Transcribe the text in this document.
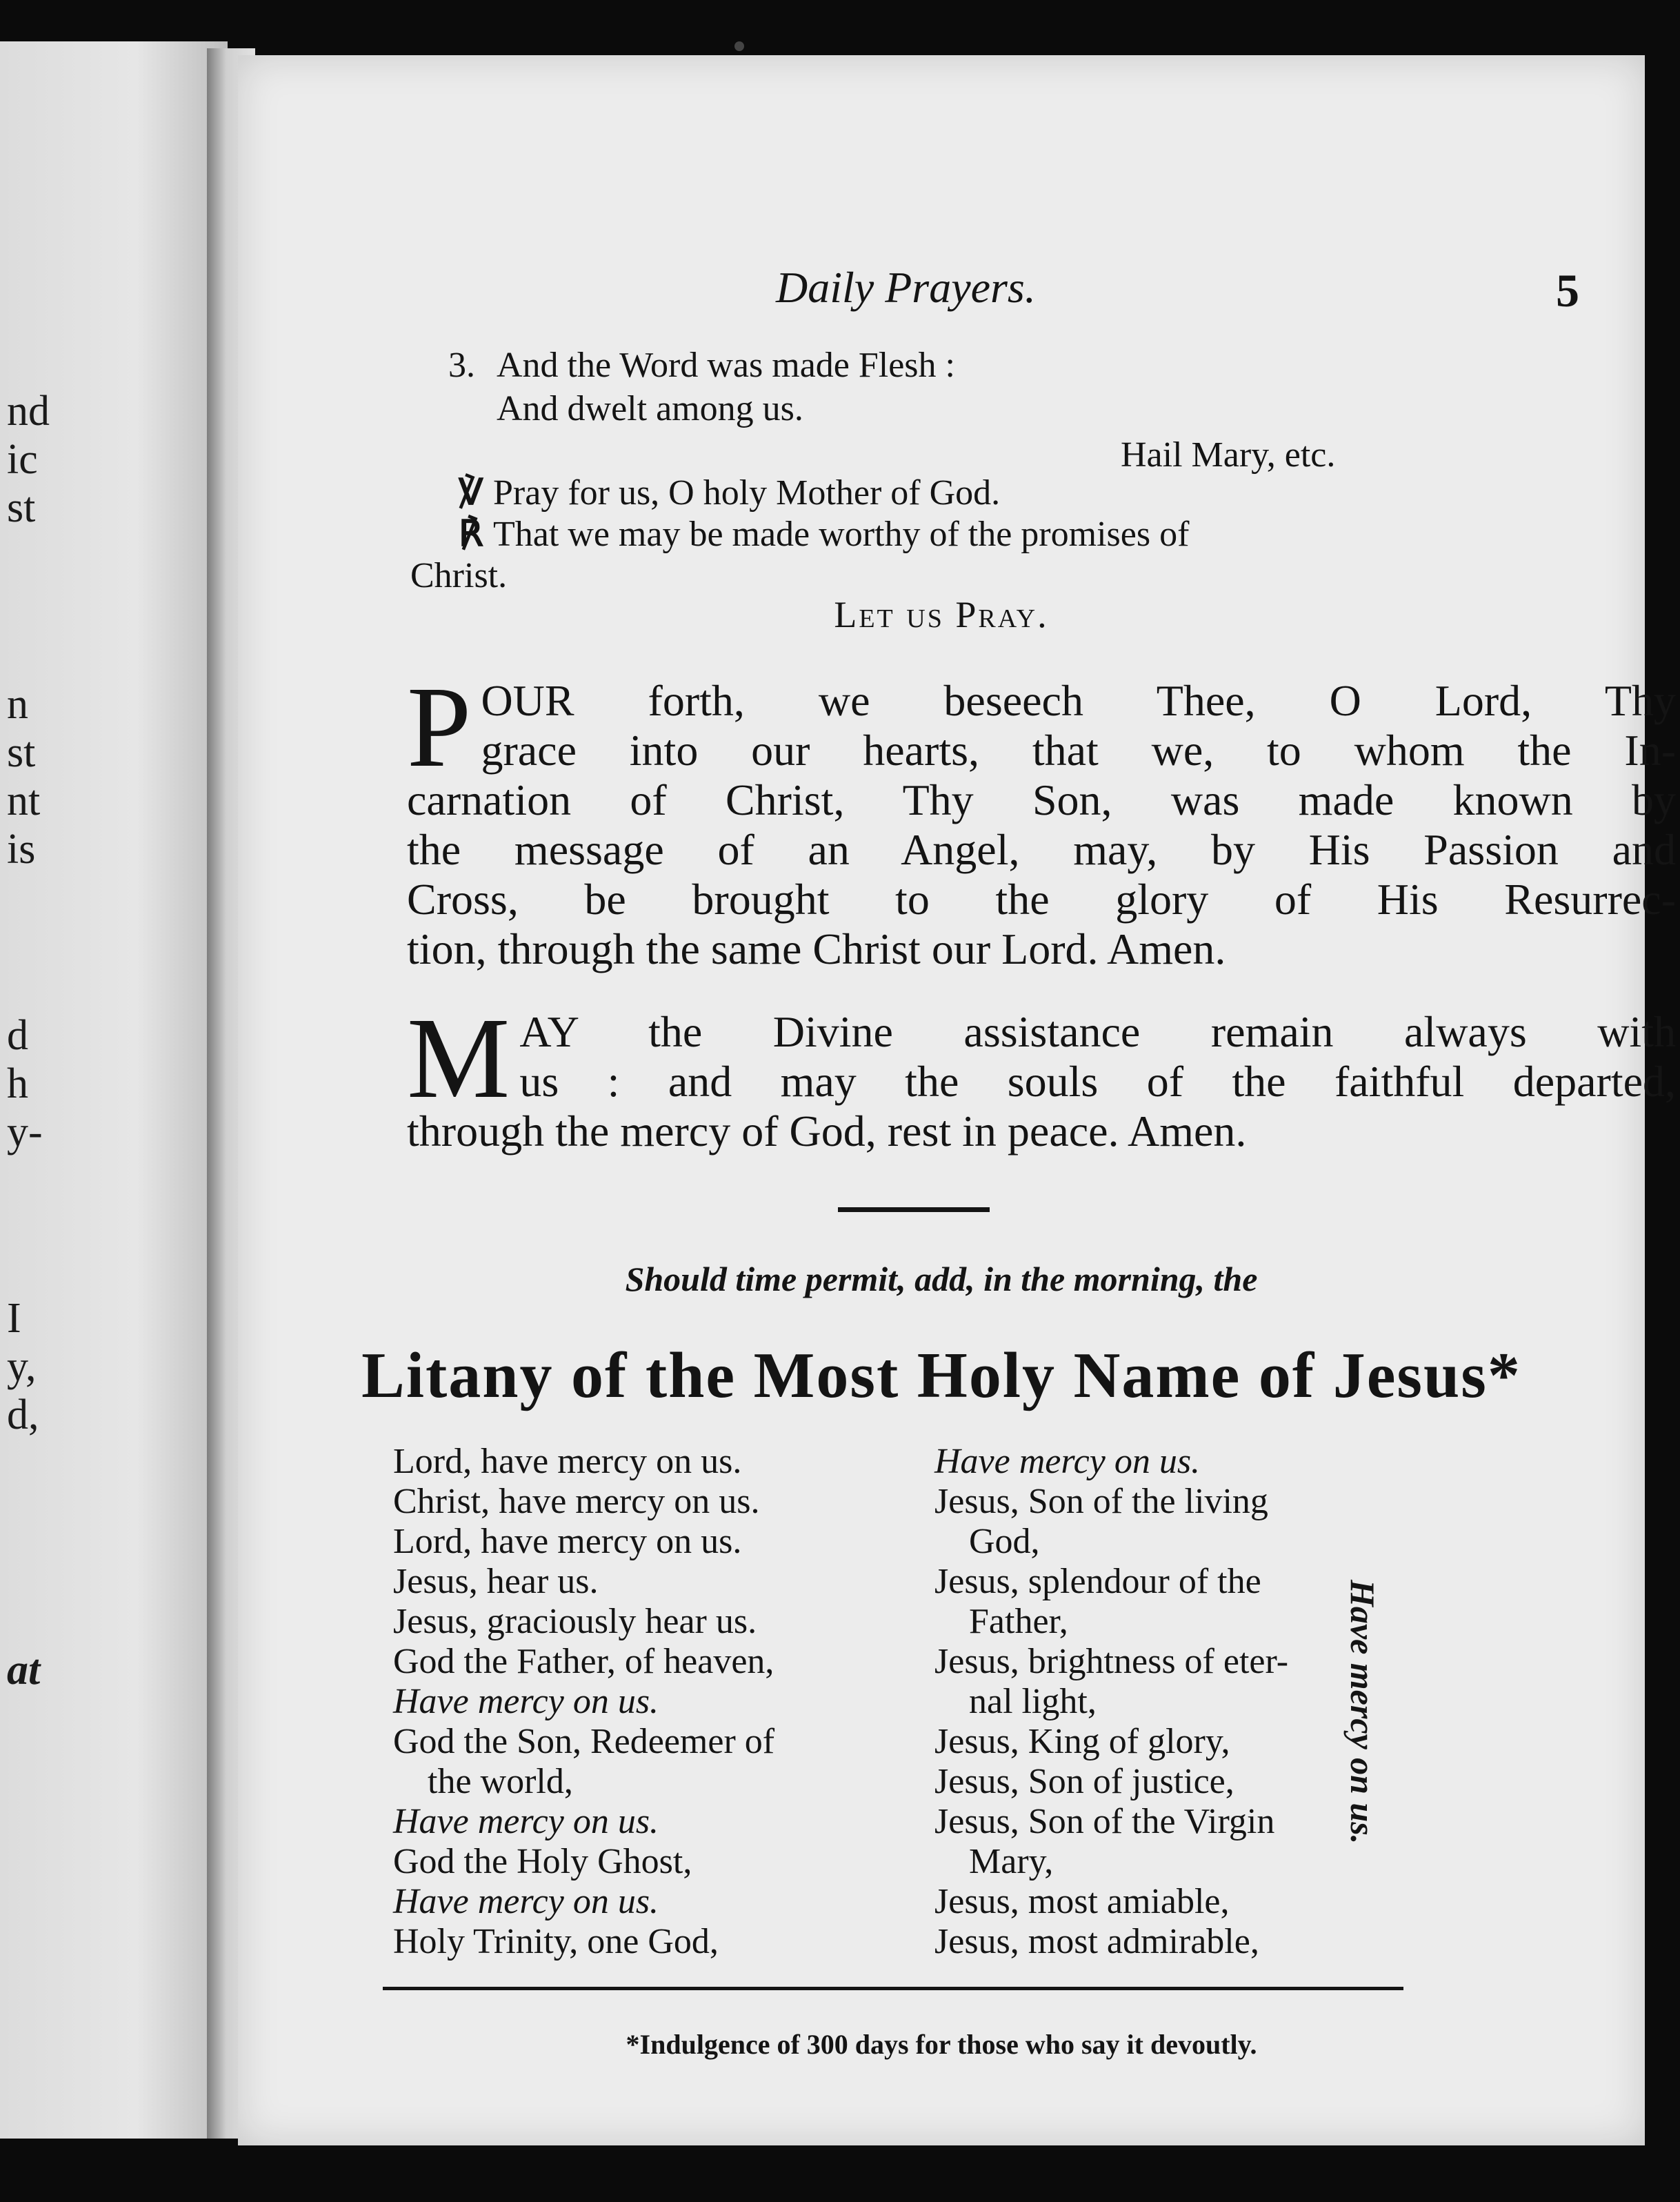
nd
ic
st
n
st
nt
is
d
h
y-
I
y,
d,
at
Daily Prayers.	5
3. And the Word was made Flesh :
And dwelt among us.
Hail Mary, etc.
℣ Pray for us, O holy Mother of God.
℟ That we may be made worthy of the promises of
Christ.
Let us Pray.
P OUR forth, we beseech Thee, O Lord, Thy
grace into our hearts, that we, to whom the In-
carnation of Christ, Thy Son, was made known by
the message of an Angel, may, by His Passion and
Cross, be brought to the glory of His Resurrec-
tion, through the same Christ our Lord. Amen.
M AY the Divine assistance remain always with
us : and may the souls of the faithful departed,
through the mercy of God, rest in peace. Amen.
Should time permit, add, in the morning, the
Litany of the Most Holy Name of Jesus*
Lord, have mercy on us.
Christ, have mercy on us.
Lord, have mercy on us.
Jesus, hear us.
Jesus, graciously hear us.
God the Father, of heaven,
Have mercy on us.
God the Son, Redeemer of
the world,
Have mercy on us.
God the Holy Ghost,
Have mercy on us.
Holy Trinity, one God,
Have mercy on us.
Jesus, Son of the living
God,
Jesus, splendour of the
Father,
Jesus, brightness of eter-
nal light,
Jesus, King of glory,
Jesus, Son of justice,
Jesus, Son of the Virgin
Mary,
Jesus, most amiable,
Jesus, most admirable,
Have mercy on us.
*Indulgence of 300 days for those who say it devoutly.
